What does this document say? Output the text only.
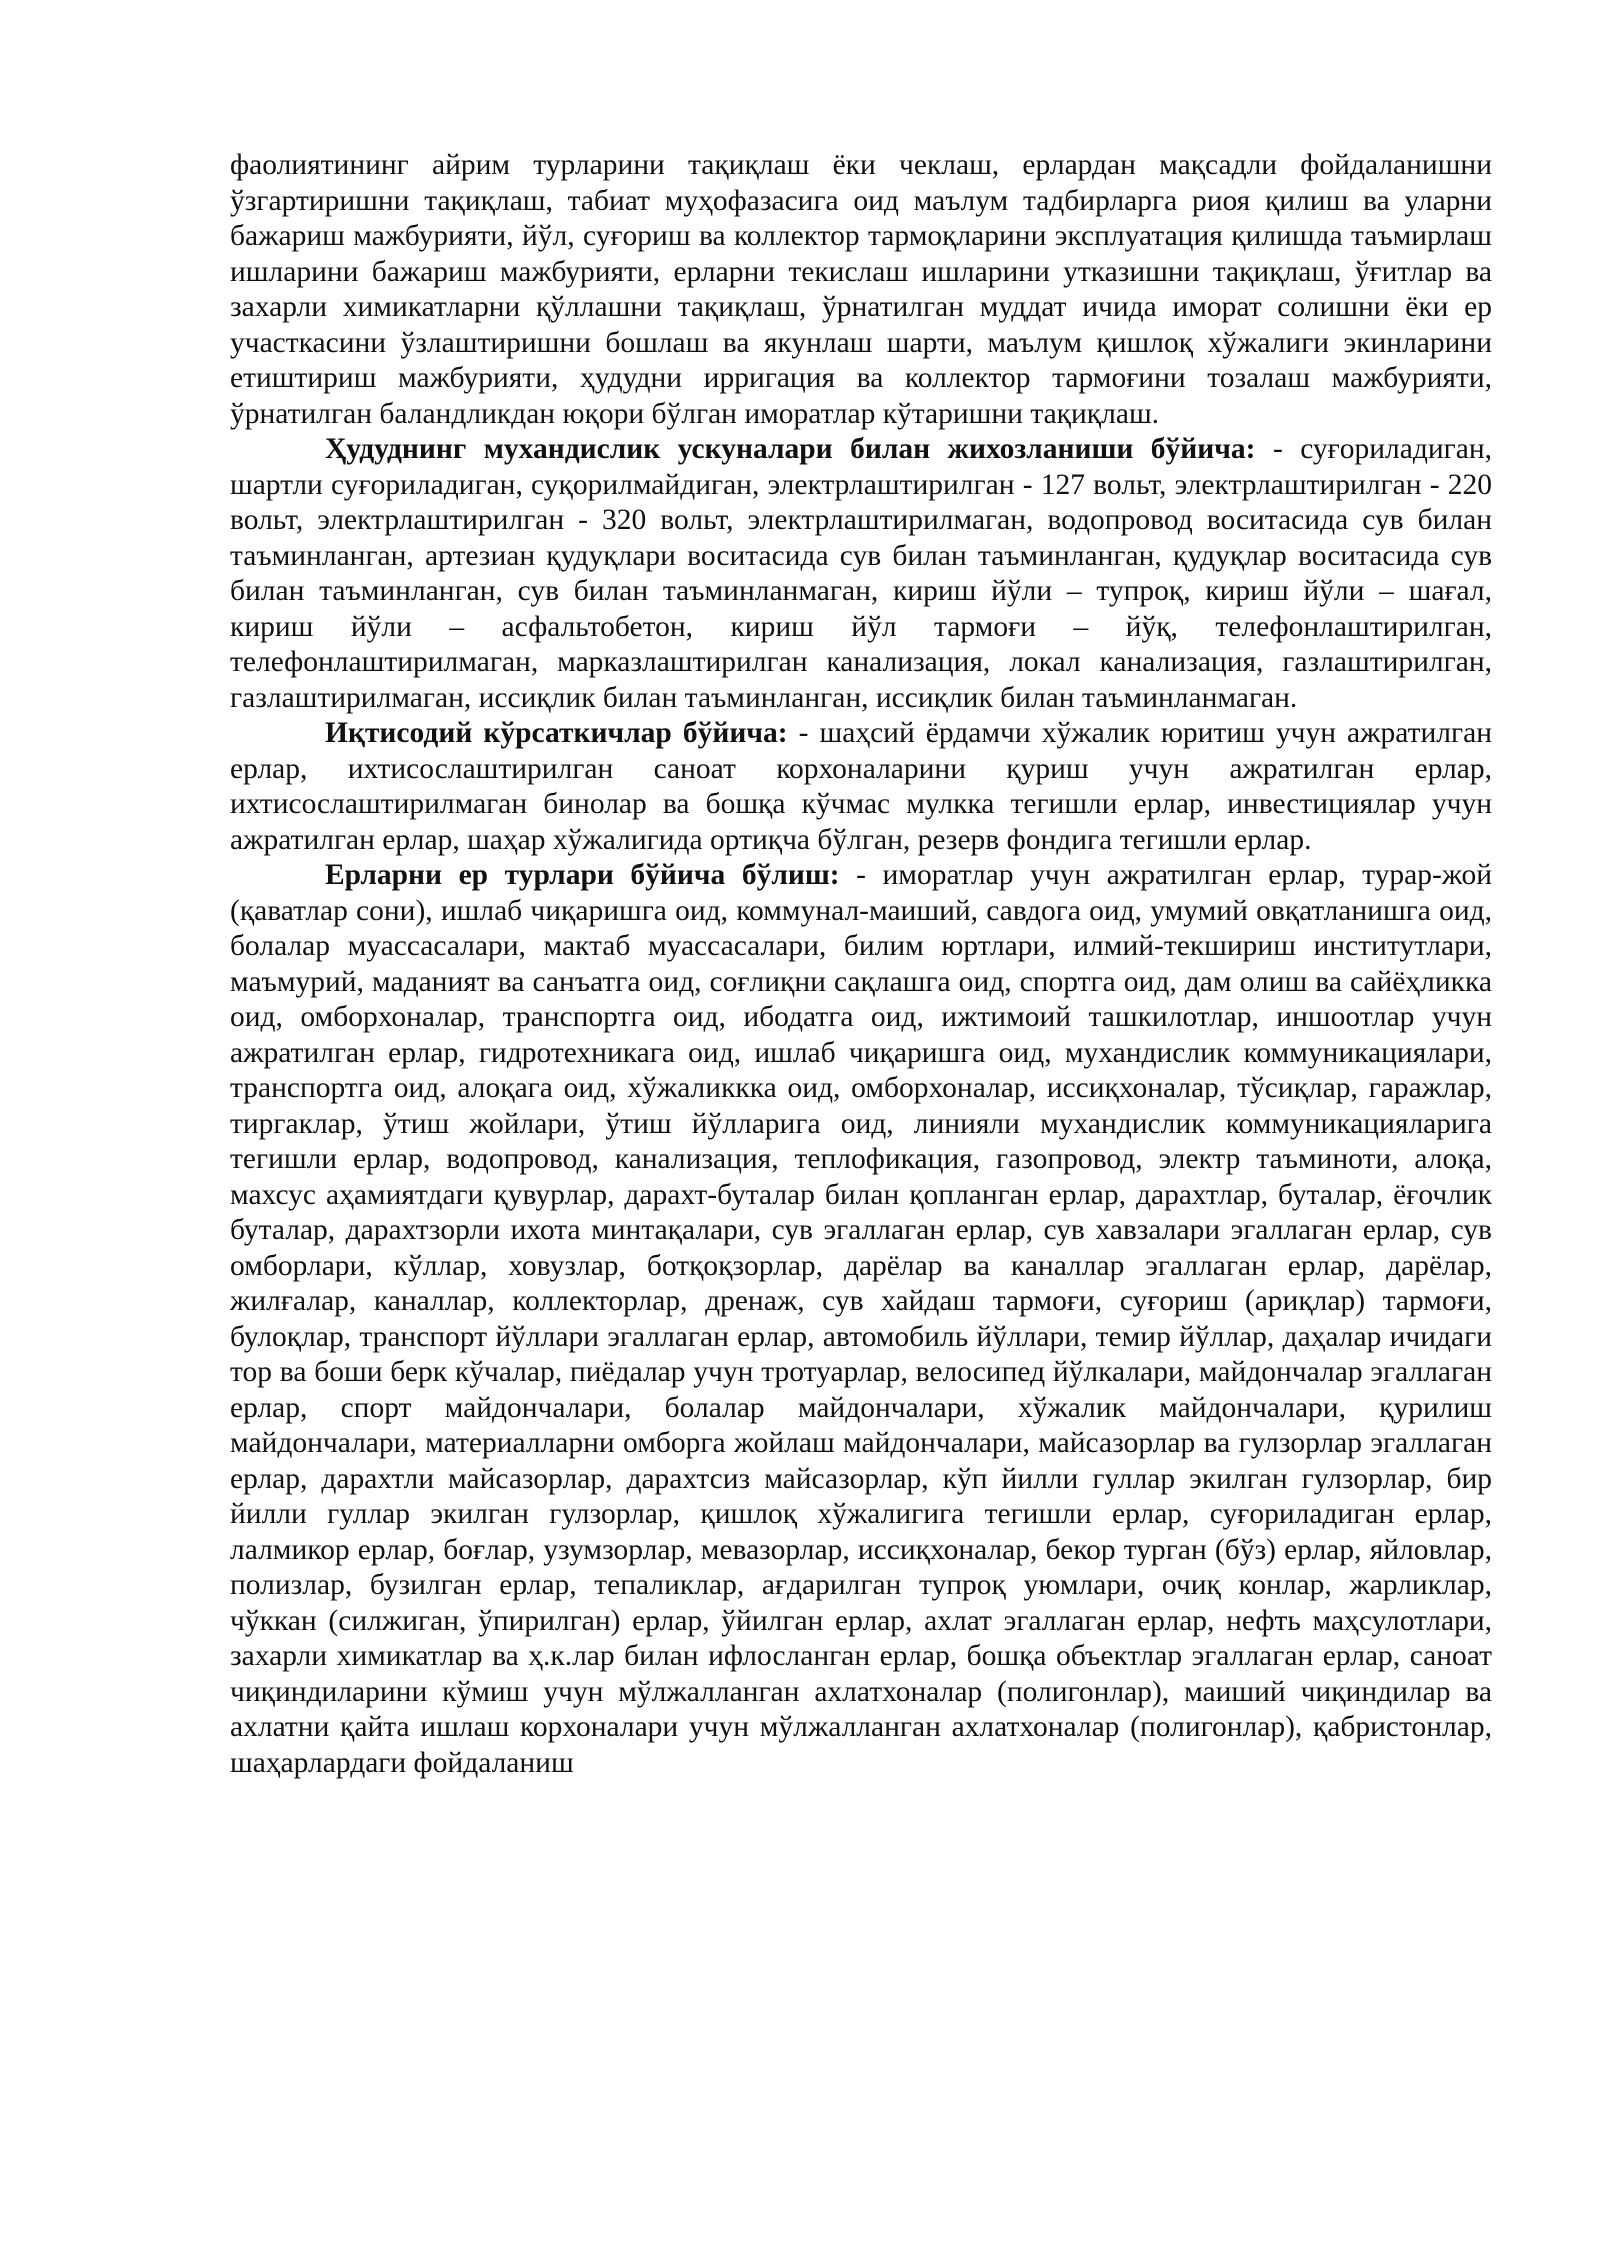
фаолиятининг айрим турларини тақиқлаш ёки чеклаш, ерлардан мақсадли фойдаланишни ўзгартиришни тақиқлаш, табиат муҳофазасига оид маълум тадбирларга риоя қилиш ва уларни бажариш мажбурияти, йўл, суғориш ва коллектор тармоқларини эксплуатация қилишда таъмирлаш ишларини бажариш мажбурияти, ерларни текислаш ишларини утказишни тақиқлаш, ўғитлар ва захарли химикатларни қўллашни тақиқлаш, ўрнатилган муддат ичида иморат солишни ёки ер участкасини ўзлаштиришни бошлаш ва якунлаш шарти, маълум қишлоқ хўжалиги экинларини етиштириш мажбурияти, ҳудудни ирригация ва коллектор тармоғини тозалаш мажбурияти, ўрнатилган баландликдан юқори бўлган иморатлар кўтаришни тақиқлаш.

Ҳудуднинг мухандислик ускуналари билан жихозланиши бўйича: - суғориладиган, шартли суғориладиган, суқорилмайдиган, электрлаштирилган - 127 вольт, электрлаштирилган - 220 вольт, электрлаштирилган - 320 вольт, электрлаштирилмаган, водопровод воситасида сув билан таъминланган, артезиан қудуқлари воситасида сув билан таъминланган, қудуқлар воситасида сув билан таъминланган, сув билан таъминланмаган, кириш йўли – тупроқ, кириш йўли – шағал, кириш йўли – асфальтобетон, кириш йўл тармоғи – йўқ, телефонлаштирилган, телефонлаштирилмаган, марказлаштирилган канализация, локал канализация, газлаштирилган, газлаштирилмаган, иссиқлик билан таъминланган, иссиқлик билан таъминланмаган.

Иқтисодий кўрсаткичлар бўйича: - шаҳсий ёрдамчи хўжалик юритиш учун ажратилган ерлар, ихтисослаштирилган саноат корхоналарини қуриш учун ажратилган ерлар, ихтисослаштирилмаган бинолар ва бошқа кўчмас мулкка тегишли ерлар, инвестициялар учун ажратилган ерлар, шаҳар хўжалигида ортиқча бўлган, резерв фондига тегишли ерлар.

Ерларни ер турлари бўйича бўлиш: - иморатлар учун ажратилган ерлар, турар-жой (қаватлар сони), ишлаб чиқаришга оид, коммунал-маиший, савдога оид, умумий овқатланишга оид, болалар муассасалари, мактаб муассасалари, билим юртлари, илмий-текшириш институтлари, маъмурий, маданият ва санъатга оид, соғлиқни сақлашга оид, спортга оид, дам олиш ва сайёҳликка оид, омборхоналар, транспортга оид, ибодатга оид, ижтимоий ташкилотлар, иншоотлар учун ажратилган ерлар, гидротехникага оид, ишлаб чиқаришга оид, мухандислик коммуникациялари, транспортга оид, алоқага оид, хўжаликкка оид, омборхоналар, иссиқхоналар, тўсиқлар, гаражлар, тиргаклар, ўтиш жойлари, ўтиш йўлларига оид, линияли мухандислик коммуникацияларига тегишли ерлар, водопровод, канализация, теплофикация, газопровод, электр таъминоти, алоқа, махсус аҳамиятдаги қувурлар, дарахт-буталар билан қопланган ерлар, дарахтлар, буталар, ёғочлик буталар, дарахтзорли ихота минтақалари, сув эгаллаган ерлар, сув хавзалари эгаллаган ерлар, сув омборлари, кўллар, ховузлар, ботқоқзорлар, дарёлар ва каналлар эгаллаган ерлар, дарёлар, жилғалар, каналлар, коллекторлар, дренаж, сув хайдаш тармоғи, суғориш (ариқлар) тармоғи, булоқлар, транспорт йўллари эгаллаган ерлар, автомобиль йўллари, темир йўллар, даҳалар ичидаги тор ва боши берк кўчалар, пиёдалар учун тротуарлар, велосипед йўлкалари, майдончалар эгаллаган ерлар, спорт майдончалари, болалар майдончалари, хўжалик майдончалари, қурилиш майдончалари, материалларни омборга жойлаш майдончалари, майсазорлар ва гулзорлар эгаллаган ерлар, дарахтли майсазорлар, дарахтсиз майсазорлар, кўп йилли гуллар экилган гулзорлар, бир йилли гуллар экилган гулзорлар, қишлоқ хўжалигига тегишли ерлар, суғориладиган ерлар, лалмикор ерлар, боғлар, узумзорлар, мевазорлар, иссиқхоналар, бекор турган (бўз) ерлар, яйловлар, полизлар, бузилган ерлар, тепаликлар, ағдарилган тупроқ уюмлари, очиқ конлар, жарликлар, чўккан (силжиган, ўпирилган) ерлар, ўйилган ерлар, ахлат эгаллаган ерлар, нефть маҳсулотлари, захарли химикатлар ва ҳ.к.лар билан ифлосланган ерлар, бошқа объектлар эгаллаган ерлар, саноат чиқиндиларини кўмиш учун мўлжалланган ахлатхоналар (полигонлар), маиший чиқиндилар ва ахлатни қайта ишлаш корхоналари учун мўлжалланган ахлатхоналар (полигонлар), қабристонлар, шаҳарлардаги фойдаланиш
